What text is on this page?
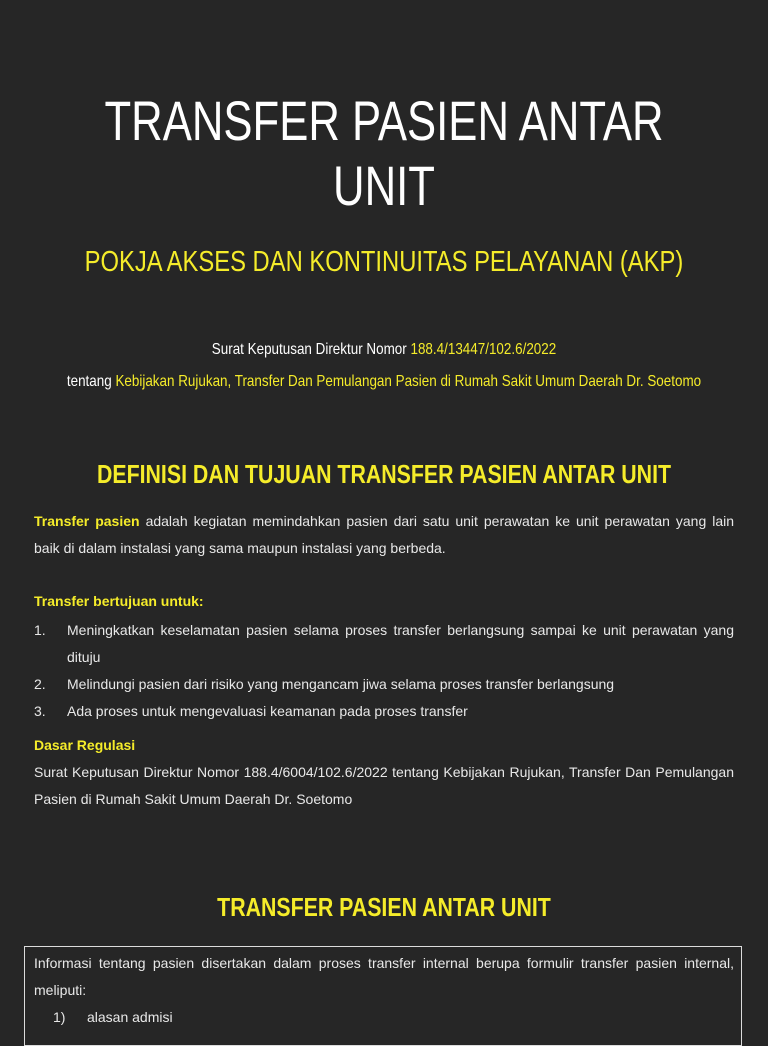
TRANSFER PASIEN ANTAR UNIT
POKJA AKSES DAN KONTINUITAS PELAYANAN (AKP)
Surat Keputusan Direktur Nomor 188.4/13447/102.6/2022
tentang Kebijakan Rujukan, Transfer Dan Pemulangan Pasien di Rumah Sakit Umum Daerah Dr. Soetomo
DEFINISI DAN TUJUAN TRANSFER PASIEN ANTAR UNIT

Transfer pasien adalah kegiatan memindahkan pasien dari satu unit perawatan ke unit perawatan yang lain baik di dalam instalasi yang sama maupun instalasi yang berbeda.

Transfer bertujuan untuk:
1.	Meningkatkan keselamatan pasien selama proses transfer berlangsung sampai ke unit perawatan yang dituju
2.	Melindungi pasien dari risiko yang mengancam jiwa selama proses transfer berlangsung
3.	Ada proses untuk mengevaluasi keamanan pada proses transfer
Dasar Regulasi

Surat Keputusan Direktur Nomor 188.4/6004/102.6/2022 tentang Kebijakan Rujukan, Transfer Dan Pemulangan Pasien di Rumah Sakit Umum Daerah Dr. Soetomo

TRANSFER PASIEN ANTAR UNIT

Informasi tentang pasien disertakan dalam proses transfer internal berupa formulir transfer pasien internal, meliputi:

1)	alasan admisi
